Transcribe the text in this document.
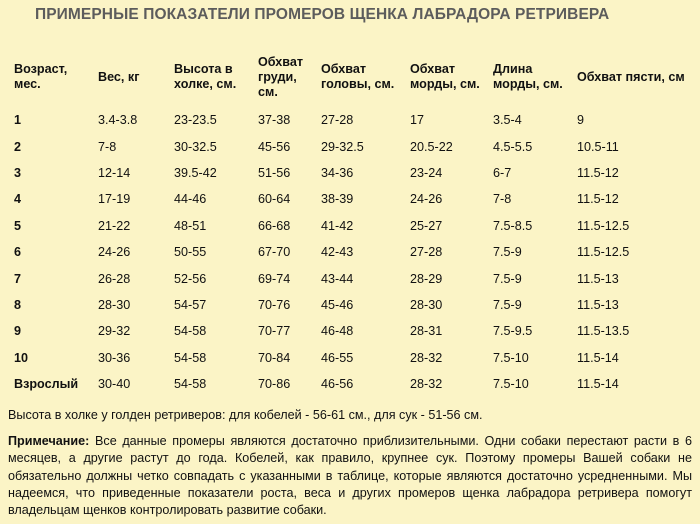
ПРИМЕРНЫЕ ПОКАЗАТЕЛИ ПРОМЕРОВ ЩЕНКА ЛАБРАДОРА РЕТРИВЕРА
Возраст, мес.	Вес, кг	Высота в холке, см.	Обхват груди, см.	Обхват головы, см.	Обхват морды, см.	Длина морды, см.	Обхват пясти, см
1	3.4-3.8	23-23.5	37-38	27-28	17	3.5-4	9
2	7-8	30-32.5	45-56	29-32.5	20.5-22	4.5-5.5	10.5-11
3	12-14	39.5-42	51-56	34-36	23-24	6-7	11.5-12
4	17-19	44-46	60-64	38-39	24-26	7-8	11.5-12
5	21-22	48-51	66-68	41-42	25-27	7.5-8.5	11.5-12.5
6	24-26	50-55	67-70	42-43	27-28	7.5-9	11.5-12.5
7	26-28	52-56	69-74	43-44	28-29	7.5-9	11.5-13
8	28-30	54-57	70-76	45-46	28-30	7.5-9	11.5-13
9	29-32	54-58	70-77	46-48	28-31	7.5-9.5	11.5-13.5
10	30-36	54-58	70-84	46-55	28-32	7.5-10	11.5-14
Взрослый	30-40	54-58	70-86	46-56	28-32	7.5-10	11.5-14
Высота в холке у голден ретриверов: для кобелей - 56-61 см., для сук - 51-56 см.
Примечание: Все данные промеры являются достаточно приблизительными. Одни собаки перестают расти в 6 месяцев, а другие растут до года. Кобелей, как правило, крупнее сук. Поэтому промеры Вашей собаки не обязательно должны четко совпадать с указанными в таблице, которые являются достаточно усредненными. Мы надеемся, что приведенные показатели роста, веса и других промеров щенка лабрадора ретривера помогут владельцам щенков контролировать развитие собаки.
